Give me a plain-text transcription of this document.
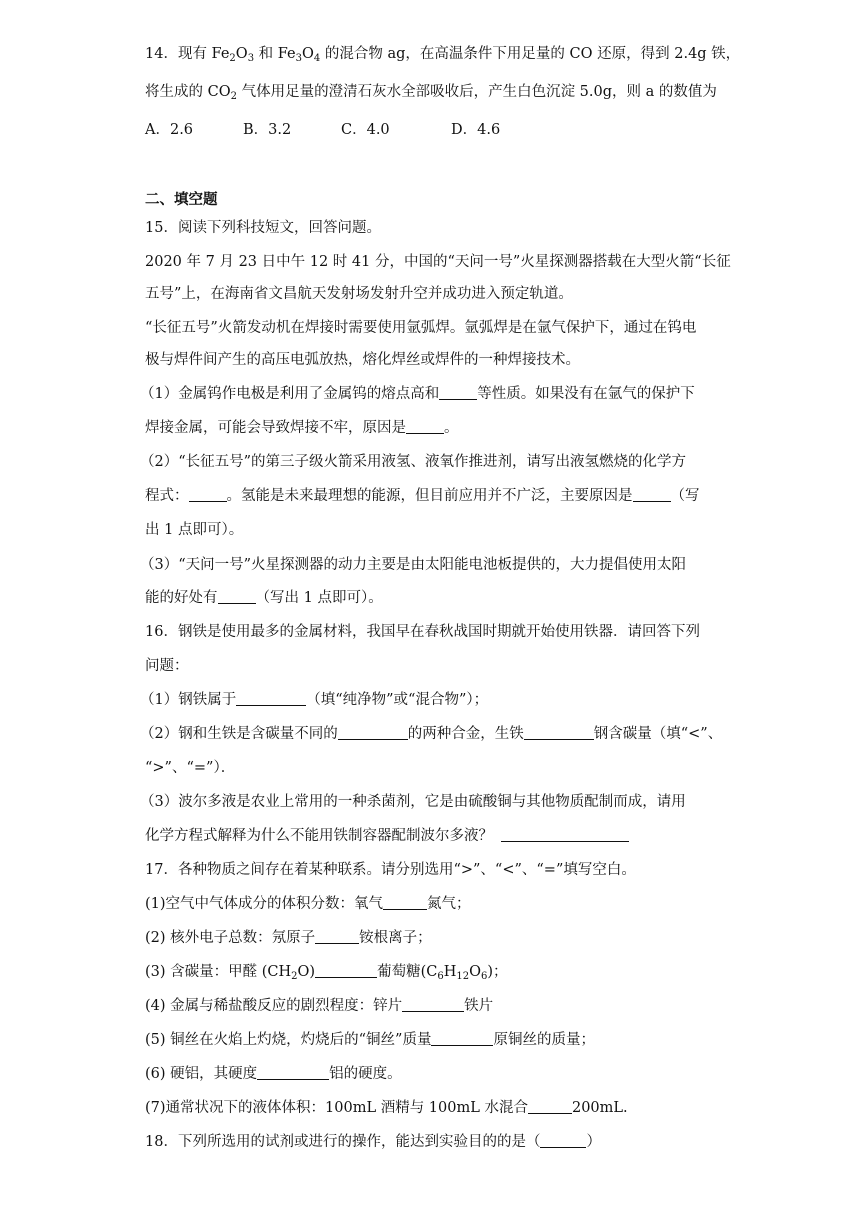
14．现有 $Fe_2O_3$ 和 $Fe_3O_4$ 的混合物 ag，在高温条件下用足量的 CO 还原，得到 2.4g 铁，
将生成的 $CO_2$ 气体用足量的澄清石灰水全部吸收后，产生白色沉淀 5.0g，则 a 的数值为
A．2.6	B．3.2	C．4.0	D．4.6
二、填空题
15．阅读下列科技短文，回答问题。
2020 年 7 月 23 日中午 12 时 41 分，中国的“天问一号”火星探测器搭载在大型火箭“长征
五号”上，在海南省文昌航天发射场发射升空并成功进入预定轨道。
“长征五号”火箭发动机在焊接时需要使用氩弧焊。氩弧焊是在氩气保护下，通过在钨电
极与焊件间产生的高压电弧放热，熔化焊丝或焊件的一种焊接技术。
（1）金属钨作电极是利用了金属钨的熔点高和	等性质。如果没有在氩气的保护下
焊接金属，可能会导致焊接不牢，原因是	。
（2）“长征五号”的第三子级火箭采用液氢、液氧作推进剂，请写出液氢燃烧的化学方
程式：	。氢能是未来最理想的能源，但目前应用并不广泛，主要原因是	（写
出 1 点即可）。
（3）“天问一号”火星探测器的动力主要是由太阳能电池板提供的，大力提倡使用太阳
能的好处有	（写出 1 点即可）。
16．钢铁是使用最多的金属材料，我国早在春秋战国时期就开始使用铁器．请回答下列
问题：
（1）钢铁属于	（填“纯净物”或“混合物”）；
（2）钢和生铁是含碳量不同的	的两种合金，生铁	钢含碳量（填“<”、
“>”、“=”）．
（3）波尔多液是农业上常用的一种杀菌剂，它是由硫酸铜与其他物质配制而成，请用
化学方程式解释为什么不能用铁制容器配制波尔多液？
17．各种物质之间存在着某种联系。请分别选用“>”、“<”、“=”填写空白。
(1)空气中气体成分的体积分数：氧气	氮气；
(2) 核外电子总数：氖原子	铵根离子；
(3) 含碳量：甲醛 $(CH_2O)$	葡萄糖$(C_6H_{12}O_6)$；
(4) 金属与稀盐酸反应的剧烈程度：锌片	铁片
(5) 铜丝在火焰上灼烧，灼烧后的“铜丝”质量	原铜丝的质量；
(6) 硬铝，其硬度	铝的硬度。
(7)通常状况下的液体体积：100mL 酒精与 100mL 水混合	200mL.
18．下列所选用的试剂或进行的操作，能达到实验目的的是（	）
